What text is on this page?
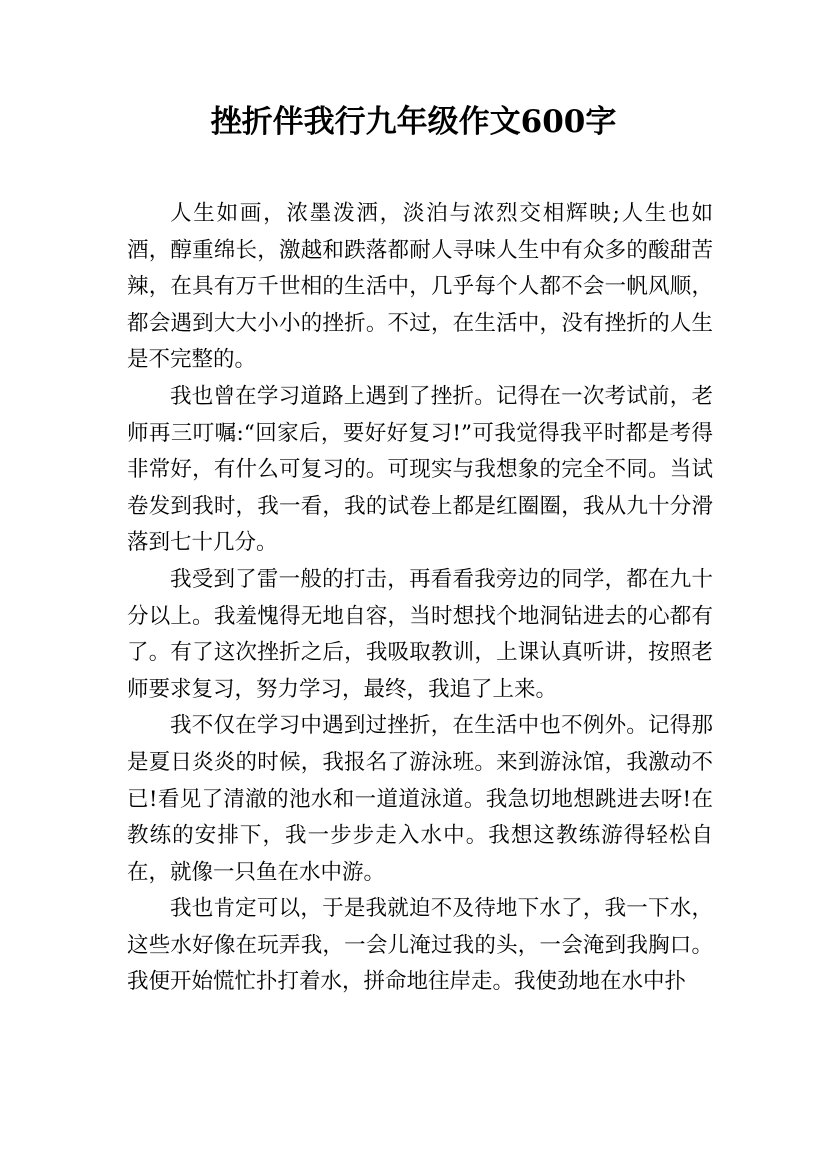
挫折伴我行九年级作文600字

人生如画，浓墨泼洒，淡泊与浓烈交相辉映;人生也如酒，醇重绵长，激越和跌落都耐人寻味人生中有众多的酸甜苦辣，在具有万千世相的生活中，几乎每个人都不会一帆风顺，都会遇到大大小小的挫折。不过，在生活中，没有挫折的人生是不完整的。

我也曾在学习道路上遇到了挫折。记得在一次考试前，老师再三叮嘱:“回家后，要好好复习!”可我觉得我平时都是考得非常好，有什么可复习的。可现实与我想象的完全不同。当试卷发到我时，我一看，我的试卷上都是红圈圈，我从九十分滑落到七十几分。

我受到了雷一般的打击，再看看我旁边的同学，都在九十分以上。我羞愧得无地自容，当时想找个地洞钻进去的心都有了。有了这次挫折之后，我吸取教训，上课认真听讲，按照老师要求复习，努力学习，最终，我追了上来。

我不仅在学习中遇到过挫折，在生活中也不例外。记得那是夏日炎炎的时候，我报名了游泳班。来到游泳馆，我激动不已!看见了清澈的池水和一道道泳道。我急切地想跳进去呀!在教练的安排下，我一步步走入水中。我想这教练游得轻松自在，就像一只鱼在水中游。

我也肯定可以，于是我就迫不及待地下水了，我一下水，这些水好像在玩弄我，一会儿淹过我的头，一会淹到我胸口。我便开始慌忙扑打着水，拼命地往岸走。我使劲地在水中扑
